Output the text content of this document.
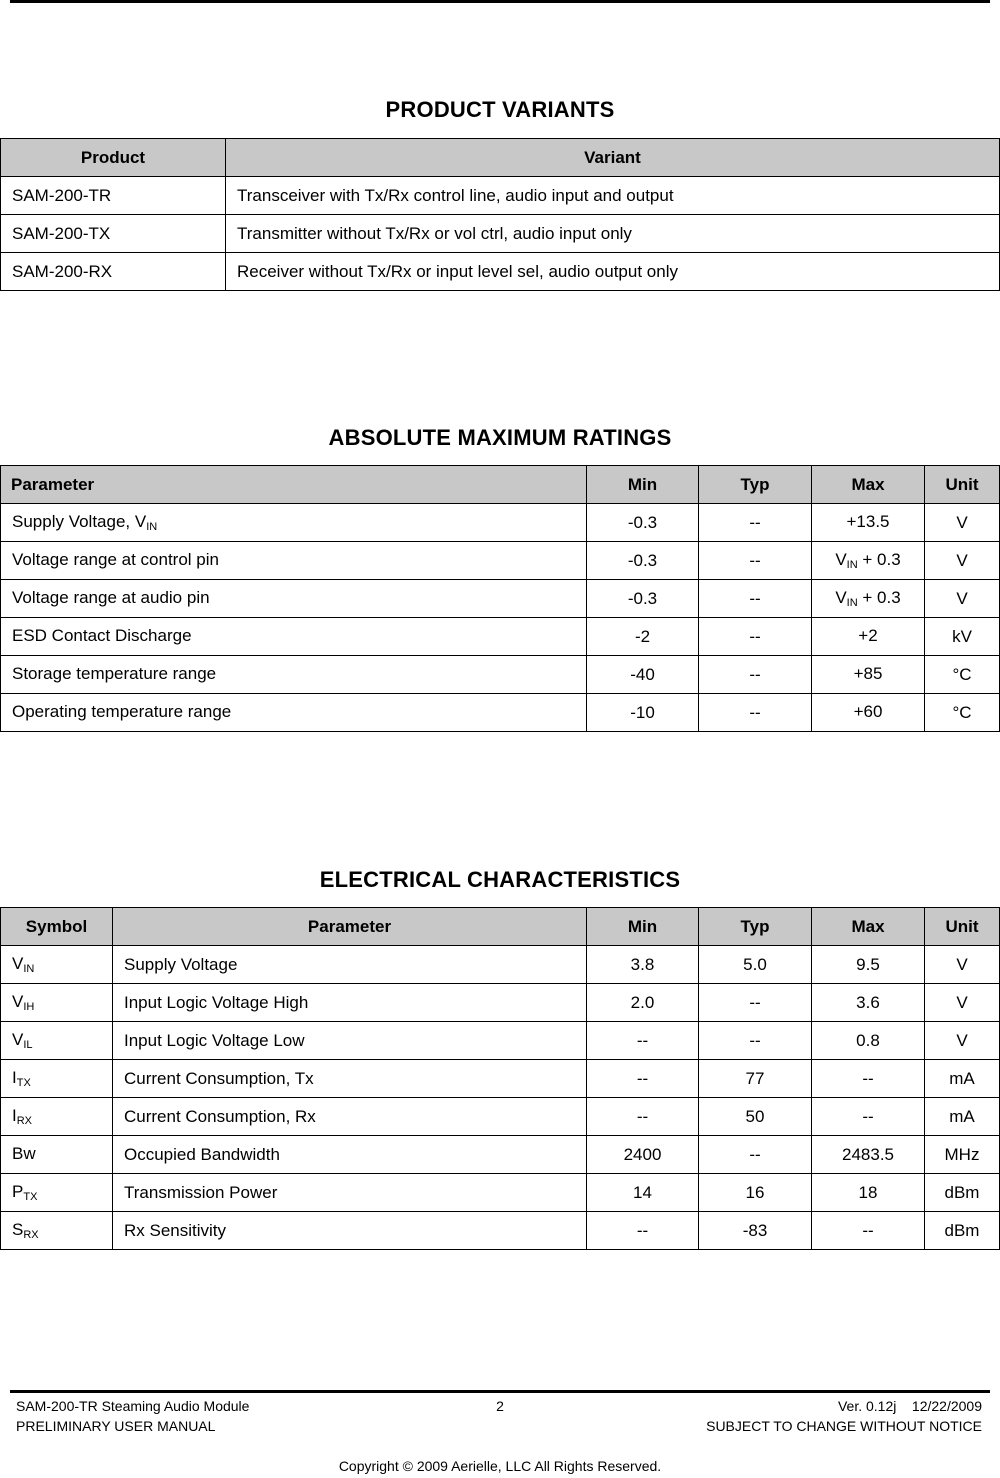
PRODUCT VARIANTS
Product	Variant
SAM-200-TR	Transceiver with Tx/Rx control line, audio input and output
SAM-200-TX	Transmitter without Tx/Rx or vol ctrl, audio input only
SAM-200-RX	Receiver without Tx/Rx or input level sel, audio output only
ABSOLUTE MAXIMUM RATINGS
Parameter	Min	Typ	Max	Unit
Supply Voltage, $V_{IN}$	-0.3	--	+13.5	V
Voltage range at control pin	-0.3	--	$V_{IN} + 0.3$	V
Voltage range at audio pin	-0.3	--	$V_{IN} + 0.3$	V
ESD Contact Discharge	-2	--	+2	kV
Storage temperature range	-40	--	+85	°C
Operating temperature range	-10	--	+60	°C
ELECTRICAL CHARACTERISTICS
Symbol	Parameter	Min	Typ	Max	Unit
$V_{IN}$	Supply Voltage	3.8	5.0	9.5	V
$V_{IH}$	Input Logic Voltage High	2.0	--	3.6	V
$V_{IL}$	Input Logic Voltage Low	--	--	0.8	V
$I_{TX}$	Current Consumption, Tx	--	77	--	mA
$I_{RX}$	Current Consumption, Rx	--	50	--	mA
Bw	Occupied Bandwidth	2400	--	2483.5	MHz
$P_{TX}$	Transmission Power	14	16	18	dBm
$S_{RX}$	Rx Sensitivity	--	-83	--	dBm
SAM-200-TR Steaming Audio Module	2	Ver. 0.12j    12/22/2009
PRELIMINARY USER MANUAL	SUBJECT TO CHANGE WITHOUT NOTICE
Copyright © 2009 Aerielle, LLC All Rights Reserved.
